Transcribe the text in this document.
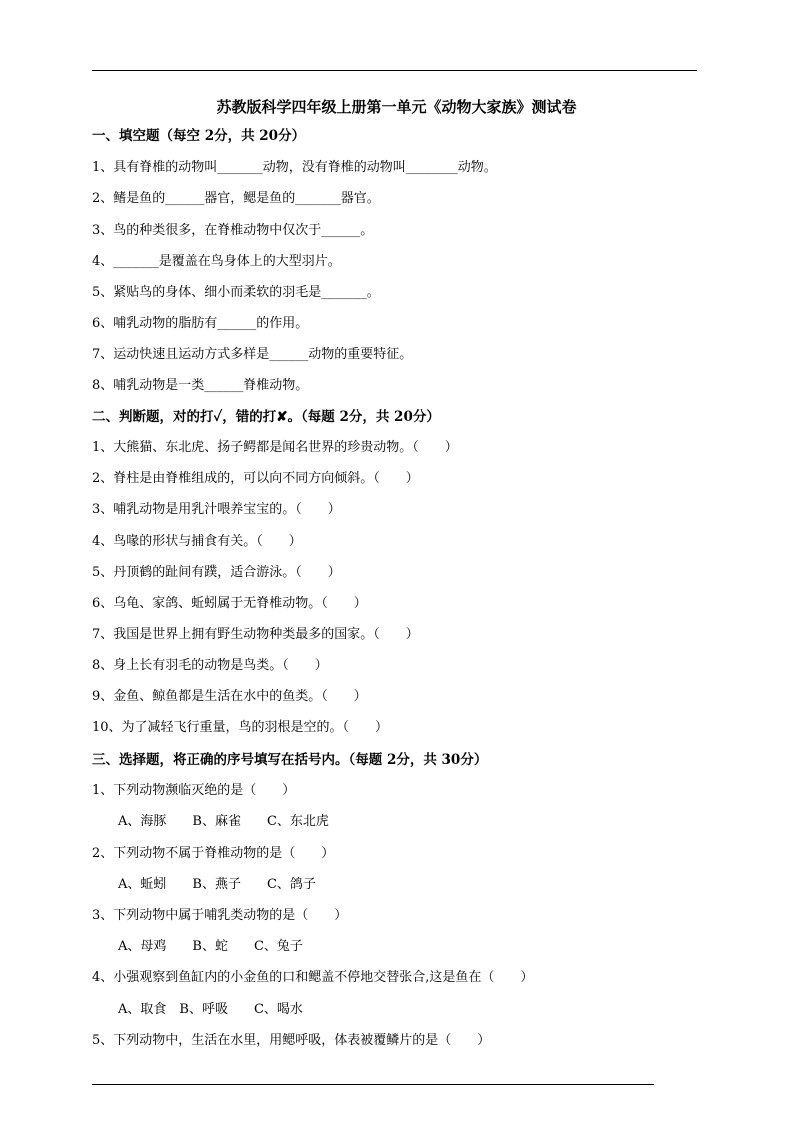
苏教版科学四年级上册第一单元《动物大家族》测试卷
一、填空题（每空 2分，共 20分）
1、具有脊椎的动物叫_______动物，没有脊椎的动物叫________动物。
2、鳍是鱼的______器官，鳃是鱼的_______器官。
3、鸟的种类很多，在脊椎动物中仅次于______。
4、_______是覆盖在鸟身体上的大型羽片。
5、紧贴鸟的身体、细小而柔软的羽毛是_______。
6、哺乳动物的脂肪有______的作用。
7、运动快速且运动方式多样是______动物的重要特征。
8、哺乳动物是一类______脊椎动物。
二、判断题，对的打✓，错的打✘。（每题 2分，共 20分）
1、大熊猫、东北虎、扬子鳄都是闻名世界的珍贵动物。（　　）
2、脊柱是由脊椎组成的，可以向不同方向倾斜。（　　）
3、哺乳动物是用乳汁喂养宝宝的。（　　）
4、鸟喙的形状与捕食有关。（　　）
5、丹顶鹤的趾间有蹼，适合游泳。（　　）
6、乌龟、家鸽、蚯蚓属于无脊椎动物。（　　）
7、我国是世界上拥有野生动物种类最多的国家。（　　）
8、身上长有羽毛的动物是鸟类。（　　）
9、金鱼、鲸鱼都是生活在水中的鱼类。（　　）
10、为了减轻飞行重量，鸟的羽根是空的。（　　）
三、选择题，将正确的序号填写在括号内。（每题 2分，共 30分）
1、下列动物濒临灭绝的是（　　）
A、海豚　　B、麻雀　　C、东北虎
2、下列动物不属于脊椎动物的是（　　）
A、蚯蚓　　B、燕子　　C、鸽子
3、下列动物中属于哺乳类动物的是（　　）
A、母鸡　　B、蛇　　C、兔子
4、小强观察到鱼缸内的小金鱼的口和鳃盖不停地交替张合,这是鱼在（　　）
A、取食　B、呼吸　　C、喝水
5、下列动物中，生活在水里，用鳃呼吸，体表被覆鳞片的是（　　）
